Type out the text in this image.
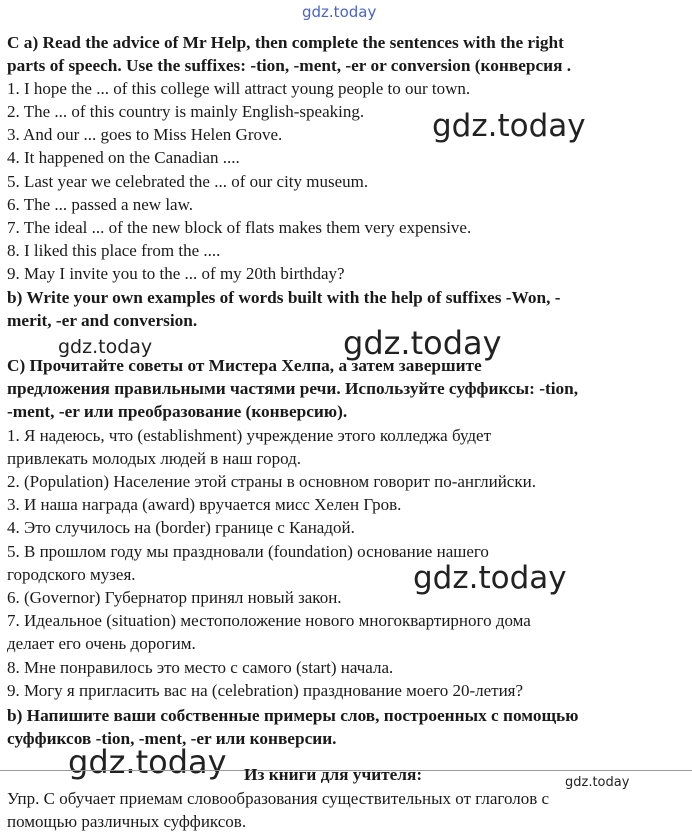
gdz.today
gdz.today
gdz.today	gdz.today
gdz.today
gdz.today
gdz.today
C a) Read the advice of Mr Help, then complete the sentences with the right
parts of speech. Use the suffixes: -tion, -ment, -er or conversion (конверсия .
1. I hope the ... of this college will attract young people to our town.
2. The ... of this country is mainly English-speaking.
3. And our ... goes to Miss Helen Grove.
4. It happened on the Canadian ....
5. Last year we celebrated the ... of our city museum.
6. The ... passed a new law.
7. The ideal ... of the new block of flats makes them very expensive.
8. I liked this place from the ....
9. May I invite you to the ... of my 20th birthday?
b) Write your own examples of words built with the help of suffixes -Won, -
merit, -er and conversion.
С) Прочитайте советы от Мистера Хелпа, а затем завершите
предложения правильными частями речи. Используйте суффиксы: -tion,
-ment, -er или преобразование (конверсию).
1. Я надеюсь, что (establishment) учреждение этого колледжа будет
привлекать молодых людей в наш город.
2. (Population) Население этой страны в основном говорит по-английски.
3. И наша награда (award) вручается мисс Хелен Гров.
4. Это случилось на (border) границе с Канадой.
5. В прошлом году мы праздновали (foundation) основание нашего
городского музея.
6. (Governor) Губернатор принял новый закон.
7. Идеальное (situation) местоположение нового многоквартирного дома
делает его очень дорогим.
8. Мне понравилось это место с самого (start) начала.
9. Могу я пригласить вас на (celebration) празднование моего 20-летия?
b) Напишите ваши собственные примеры слов, построенных с помощью
суффиксов -tion, -ment, -er или конверсии.
Из книги для учителя:
Упр. С обучает приемам словообразования существительных от глаголов с
помощью различных суффиксов.
